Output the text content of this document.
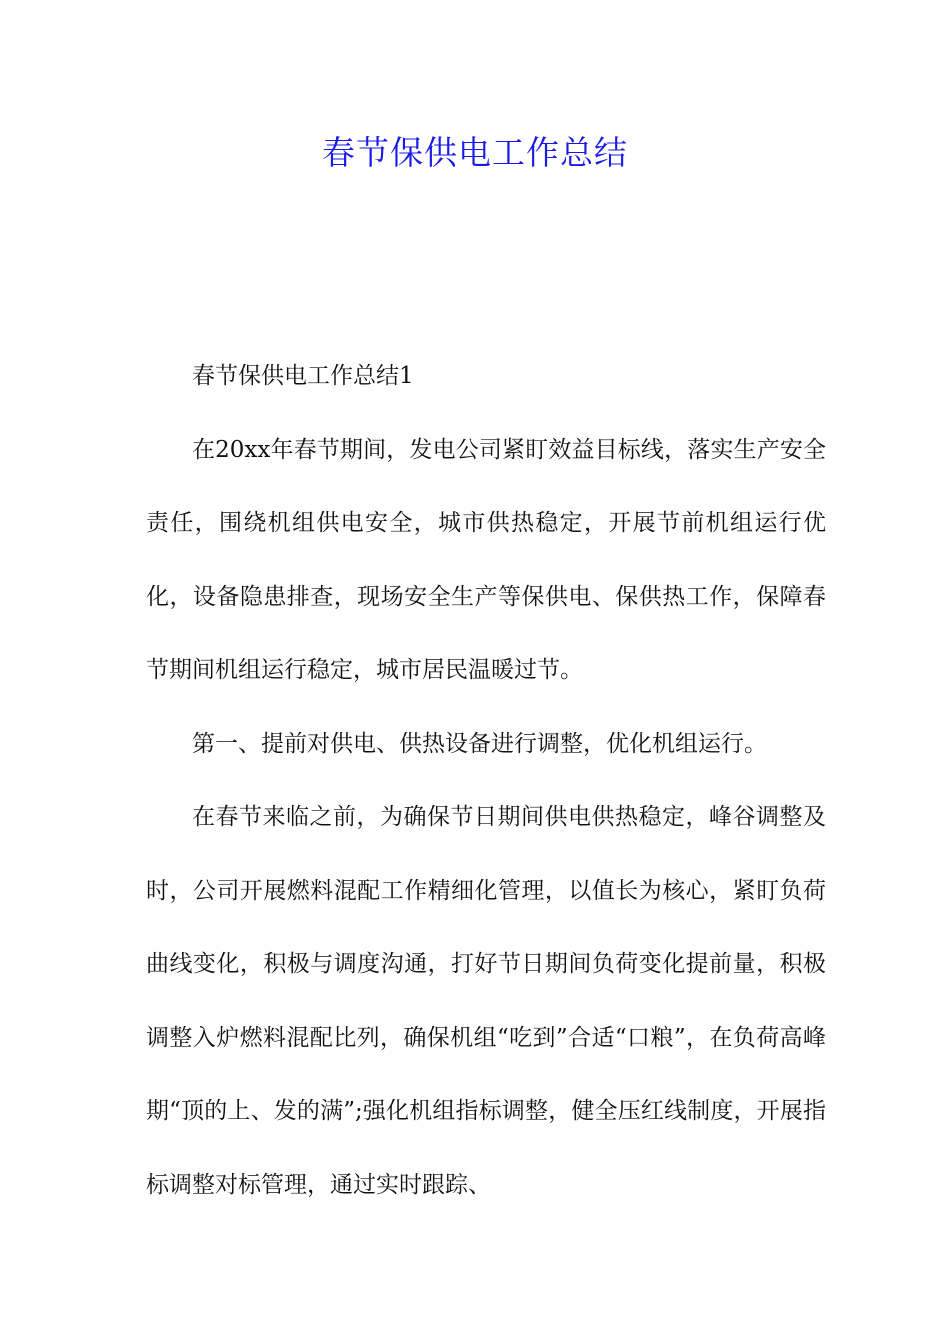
春节保供电工作总结

春节保供电工作总结1

在20xx年春节期间，发电公司紧盯效益目标线，落实生产安全责任，围绕机组供电安全，城市供热稳定，开展节前机组运行优化，设备隐患排查，现场安全生产等保供电、保供热工作，保障春节期间机组运行稳定，城市居民温暖过节。

第一、提前对供电、供热设备进行调整，优化机组运行。

在春节来临之前，为确保节日期间供电供热稳定，峰谷调整及时，公司开展燃料混配工作精细化管理，以值长为核心，紧盯负荷曲线变化，积极与调度沟通，打好节日期间负荷变化提前量，积极调整入炉燃料混配比列，确保机组“吃到”合适“口粮”，在负荷高峰期“顶的上、发的满”;强化机组指标调整，健全压红线制度，开展指标调整对标管理，通过实时跟踪、
